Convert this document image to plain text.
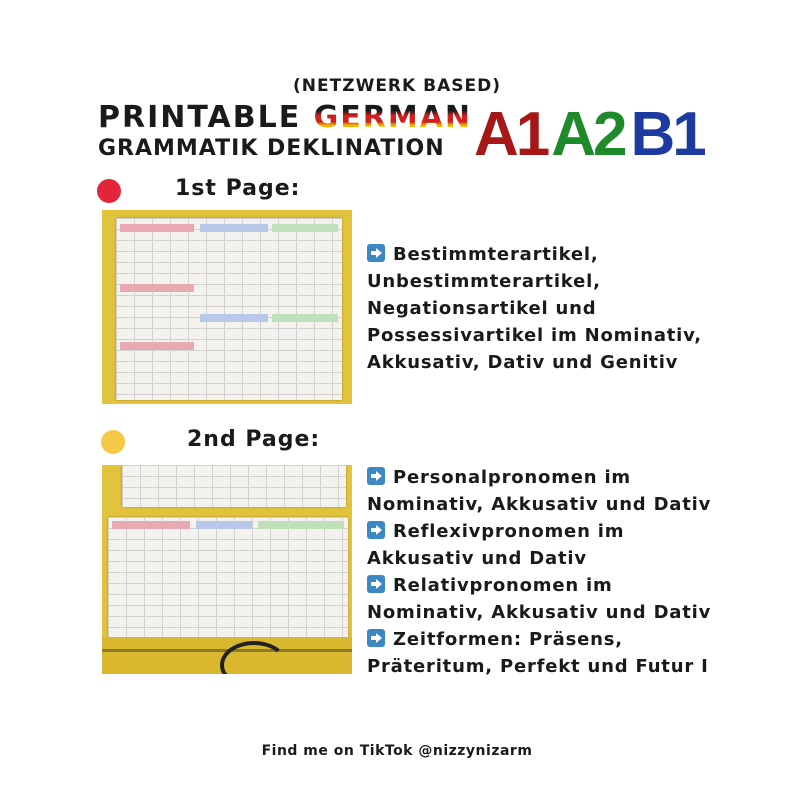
(NETZWERK BASED)
PRINTABLE GERMAN
GRAMMATIK DEKLINATION A1A2B1
1st Page:
Bestimmterartikel,
Unbestimmterartikel,
Negationsartikel und
Possessivartikel im Nominativ,
Akkusativ, Dativ und Genitiv
2nd Page:
Personalpronomen im
Nominativ, Akkusativ und Dativ
Reflexivpronomen im
Akkusativ und Dativ
Relativpronomen im
Nominativ, Akkusativ und Dativ
Zeitformen: Präsens,
Präteritum, Perfekt und Futur I
Find me on TikTok @nizzynizarm
